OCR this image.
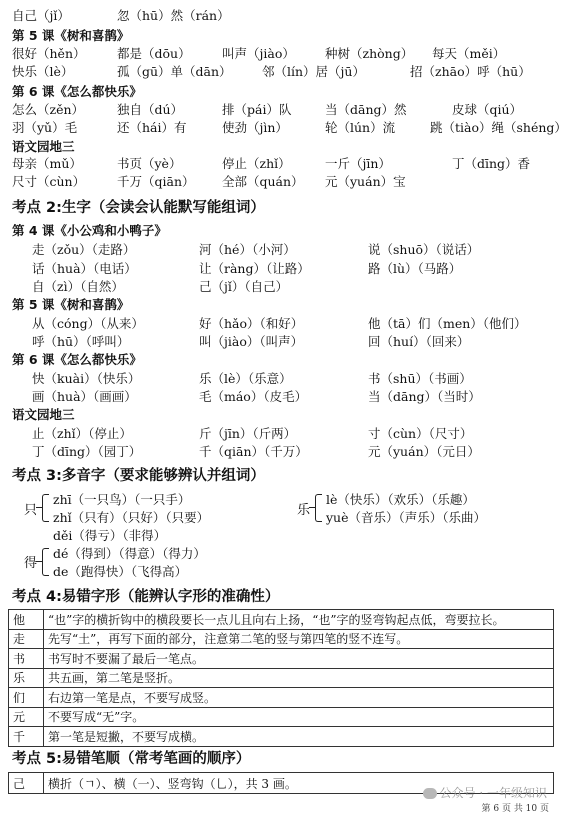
自己（jǐ）	忽（hū）然（rán）
第 5 课《树和喜鹊》
很好（hěn）	都是（dōu）	叫声（jiào） 种树（zhòng） 每天（měi）
快乐（lè）	孤（gū）单（dān） 邻（lín）居（jū）	招（zhāo）呼（hū）
第 6 课《怎么都快乐》
怎么（zěn）	独自（dú）	排（pái）队	当（dāng）然	皮球（qiú）
羽（yǔ）毛	还（hái）有	使劲（jìn）	轮（lún）流	跳（tiào）绳（shéng）
语文园地三
母亲（mǔ）	书页（yè）	停止（zhǐ）	一斤（jīn）	丁（dīng）香
尺寸（cùn）	千万（qiān） 全部（quán） 元（yuán）宝
考点 2:生字（会读会认能默写能组词）
第 4 课《小公鸡和小鸭子》
走（zǒu）（走路）	河（hé）（小河）	说（shuō）（说话）
话（huà）（电话）	让（ràng）（让路）	路（lù）（马路）
自（zì）（自然）	己（jǐ）（自己）
第 5 课《树和喜鹊》
从（cóng）（从来）	好（hǎo）（和好）	他（tā）们（men）（他们）
呼（hū）（呼叫）	叫（jiào）（叫声）	回（huí）（回来）
第 6 课《怎么都快乐》
快（kuài）（快乐）	乐（lè）（乐意）	书（shū）（书画）
画（huà）（画画）	毛（máo）（皮毛）	当（dāng）（当时）
语文园地三
止（zhǐ）（停止）	斤（jīn）（斤两）	寸（cùn）（尺寸）
丁（dīng）（园丁）	千（qiān）（千万）	元（yuán）（元日）
考点 3:多音字（要求能够辨认并组词）
只
zhī（一只鸟）（一只手）
zhǐ（只有）（只好）（只要）	乐
lè（快乐）（欢乐）（乐趣）
yuè（音乐）（声乐）（乐曲）
děi（得亏）（非得）
得
dé（得到）（得意）（得力）
de（跑得快）（飞得高）
考点 4:易错字形（能辨认字形的准确性）
他	“也”字的横折钩中的横段要长一点儿且向右上扬，“也”字的竖弯钩起点低，弯要拉长。
走	先写“土”，再写下面的部分，注意第二笔的竖与第四笔的竖不连写。
书	书写时不要漏了最后一笔点。
乐	共五画，第二笔是竖折。
们	右边第一笔是点，不要写成竖。
元	不要写成“无”字。
千	第一笔是短撇，不要写成横。
考点 5:易错笔顺（常考笔画的顺序）
己	横折（ㄱ）、横（一）、竖弯钩（乚），共 3 画。
公众号 · 一年级知识
第 6 页 共 10 页
